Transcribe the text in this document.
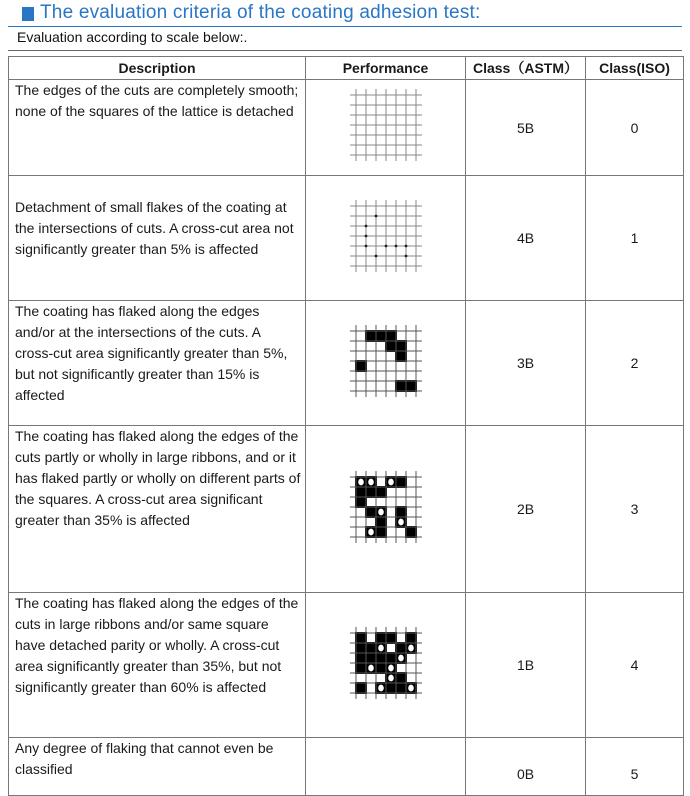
The evaluation criteria of the coating adhesion test:
Evaluation according to scale below:.
Description	Performance	Class（ASTM）	Class(ISO)
The edges of the cuts are completely smooth; none of the squares of the lattice is detached		5B	0
Detachment of small flakes of the coating at the intersections of cuts. A cross-cut area not significantly greater than 5% is affected		4B	1
The coating has flaked along the edges and/or at the intersections of the cuts. A cross-cut area significantly greater than 5%, but not significantly greater than 15% is affected		3B	2
The coating has flaked along the edges of the cuts partly or wholly in large ribbons, and or it has flaked partly or wholly on different parts of the squares. A cross-cut area significant greater than 35% is affected		2B	3
The coating has flaked along the edges of the cuts in large ribbons and/or same square have detached parity or wholly. A cross-cut area significantly greater than 35%, but not significantly greater than 60% is affected		1B	4
Any degree of flaking that cannot even be classified		0B	5
